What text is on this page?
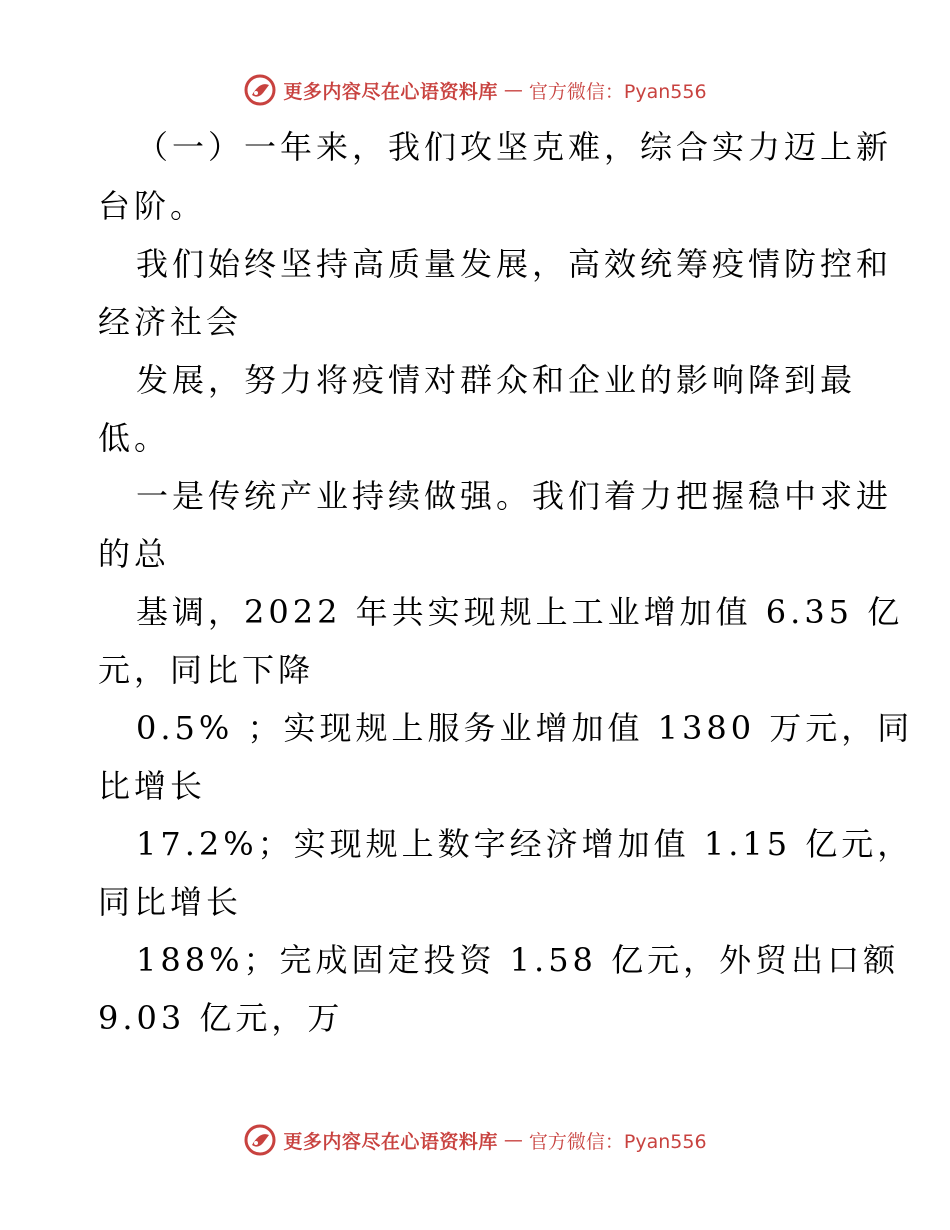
更多内容尽在心语资料库 — 官方微信：Pyan556
（一）一年来，我们攻坚克难，综合实力迈上新
台阶。
我们始终坚持高质量发展，高效统筹疫情防控和
经济社会
发展，努力将疫情对群众和企业的影响降到最
低。
一是传统产业持续做强。我们着力把握稳中求进
的总
基调，2022 年共实现规上工业增加值 6.35 亿
元，同比下降
0.5% ；实现规上服务业增加值 1380 万元，同
比增长
17.2%；实现规上数字经济增加值 1.15 亿元，
同比增长
188%；完成固定投资 1.58 亿元，外贸出口额
9.03 亿元，万
更多内容尽在心语资料库 — 官方微信：Pyan556
